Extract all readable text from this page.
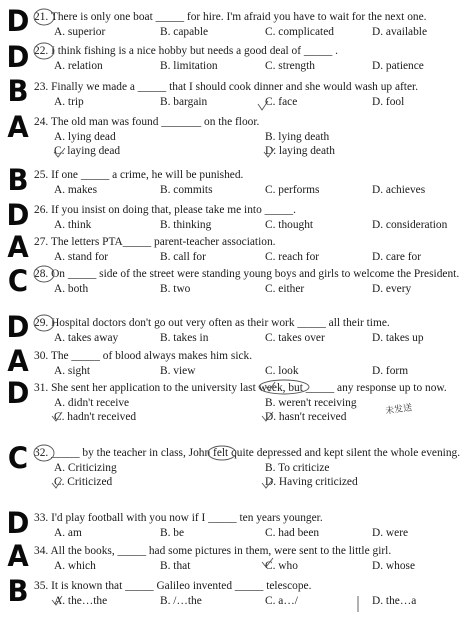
21. There is only one boat _____ for hire. I'm afraid you have to wait for the next one.
A. superior	B. capable	C. complicated	D. available
D
22. I think fishing is a nice hobby but needs a good deal of _____ .
A. relation	B. limitation	C. strength	D. patience
D
23. Finally we made a _____ that I should cook dinner and she would wash up after.
A. trip	B. bargain	C. face	D. fool
B
24. The old man was found _______ on the floor.
A. lying dead	B. lying death
C. laying dead	D. laying death
A
25. If one _____ a crime, he will be punished.
A. makes	B. commits	C. performs	D. achieves
B
26. If you insist on doing that, please take me into _____.
A. think	B. thinking	C. thought	D. consideration
D
27. The letters PTA_____ parent-teacher association.
A. stand for	B. call for	C. reach for	D. care for
A
28. On _____ side of the street were standing young boys and girls to welcome the President.
A. both	B. two	C. either	D. every
C
29. Hospital doctors don't go out very often as their work _____ all their time.
A. takes away	B. takes in	C. takes over	D. takes up
D
30. The _____ of blood always makes him sick.
A. sight	B. view	C. look	D. form
A
31. She sent her application to the university last week, but _____ any response up to now.
A. didn't receive	B. weren't receiving
C. hadn't received	D. hasn't received
D
32. _____ by the teacher in class, John felt quite depressed and kept silent the whole evening.
A. Criticizing	B. To criticize
C. Criticized	D. Having criticized
C
33. I'd play football with you now if I _____ ten years younger.
A. am	B. be	C. had been	D. were
D
34. All the books, _____ had some pictures in them, were sent to the little girl.
A. which	B. that	C. who	D. whose
A
35. It is known that _____ Galileo invented _____ telescope.
A. the…the	B. /…the	C. a…/	D. the…a
B
未发送
